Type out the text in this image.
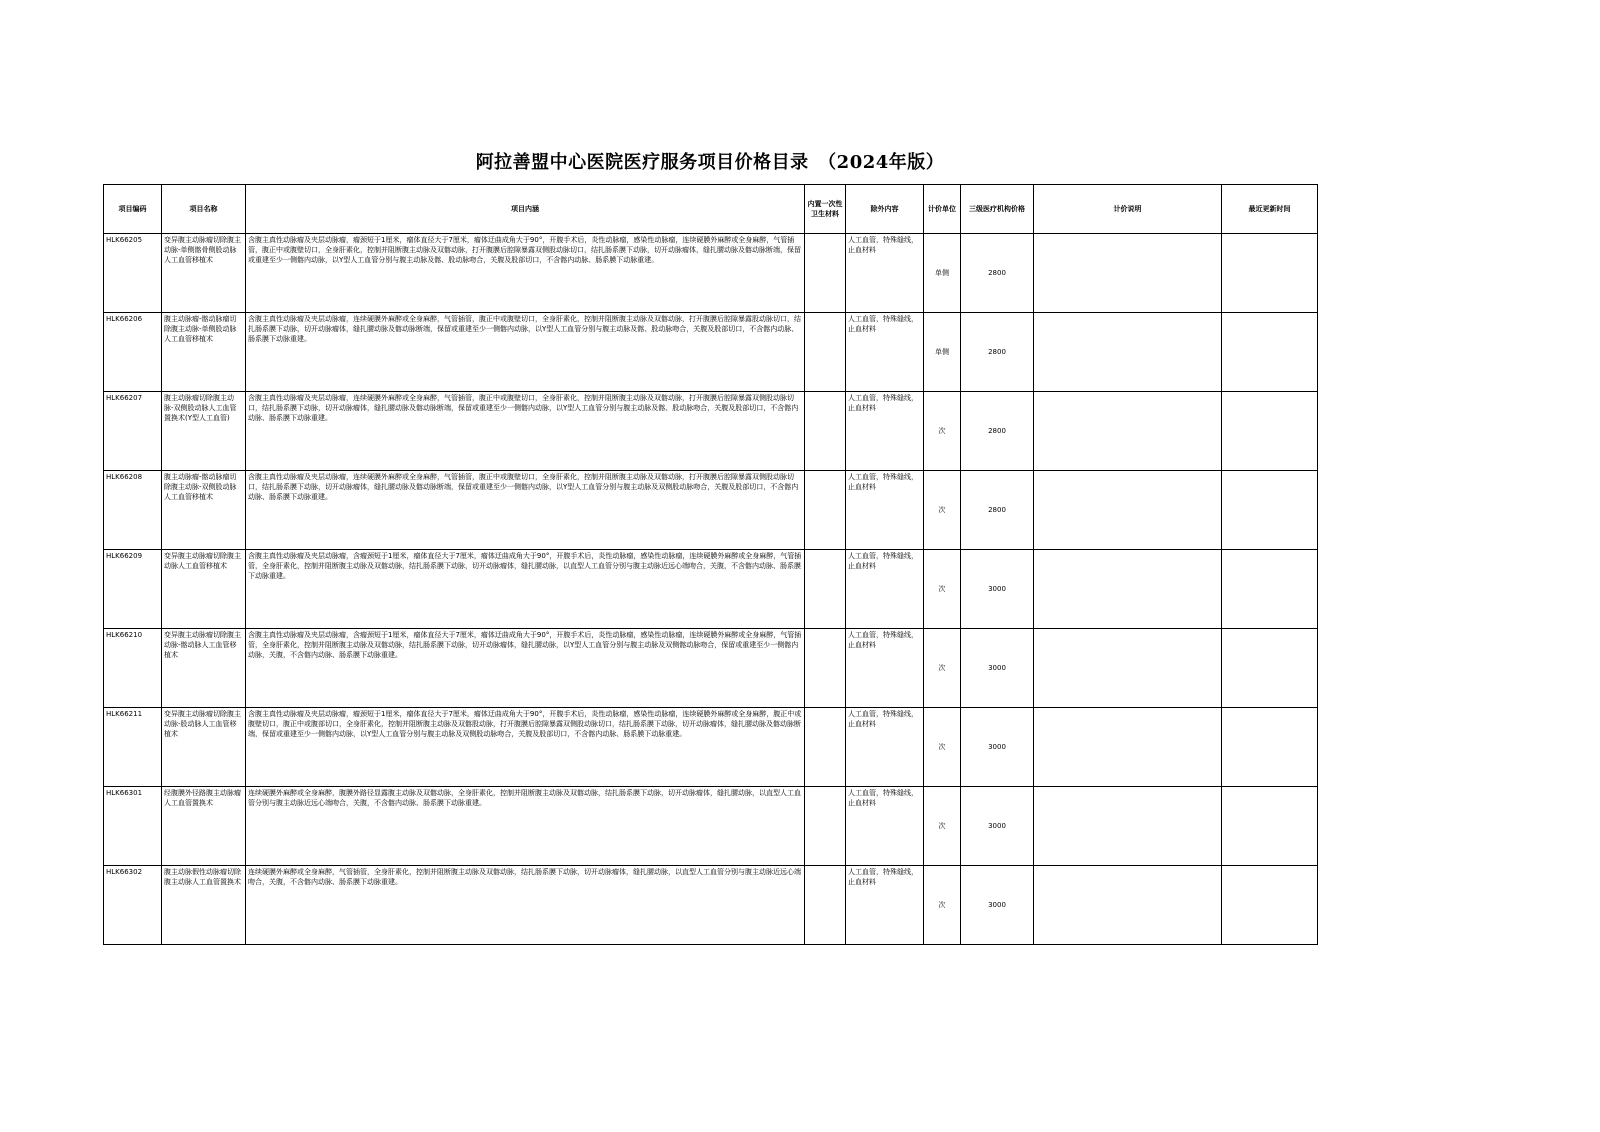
阿拉善盟中心医院医疗服务项目价格目录　（2024年版）
项目编码	项目名称	项目内涵	内置一次性卫生材料	除外内容	计价单位	三级医疗机构价格	计价说明	最近更新时间
HLK66205	变异腹主动脉瘤切除腹主动脉-单侧髂骨侧股动脉人工血管移植术	含腹主真性动脉瘤及夹层动脉瘤，瘤颈短于1厘米，瘤体直径大于7厘米，瘤体迂曲成角大于90°，开腹手术后，炎性动脉瘤，感染性动脉瘤，连续硬膜外麻醉或全身麻醉，气管插管，腹正中或腹壁切口，全身肝素化，控制并阻断腹主动脉及双髂动脉，打开腹膜后腔隙暴露双侧股动脉切口，结扎肠系膜下动脉，切开动脉瘤体，缝扎腰动脉及髂动脉断端，保留或重建至少一侧髂内动脉，以Y型人工血管分别与腹主动脉及髂、股动脉吻合，关腹及股部切口，不含髂内动脉、肠系膜下动脉重建。		人工血管，特殊缝线，止血材料	单侧	2800		
HLK66206	腹主动脉瘤-髂动脉瘤切除腹主动脉-单侧股动脉人工血管移植术	含腹主真性动脉瘤及夹层动脉瘤，连续硬膜外麻醉或全身麻醉，气管插管，腹正中或腹壁切口，全身肝素化，控制并阻断腹主动脉及双髂动脉，打开腹膜后腔隙暴露股动脉切口，结扎肠系膜下动脉，切开动脉瘤体，缝扎腰动脉及髂动脉断端，保留或重建至少一侧髂内动脉，以Y型人工血管分别与腹主动脉及髂、股动脉吻合，关腹及股部切口，不含髂内动脉、肠系膜下动脉重建。		人工血管，特殊缝线，止血材料	单侧	2800		
HLK66207	腹主动脉瘤切除腹主动脉-双侧股动脉人工血管置换术(Y型人工血管)	含腹主真性动脉瘤及夹层动脉瘤，连续硬膜外麻醉或全身麻醉，气管插管，腹正中或腹壁切口，全身肝素化，控制并阻断腹主动脉及双髂动脉，打开腹膜后腔隙暴露双侧股动脉切口，结扎肠系膜下动脉，切开动脉瘤体，缝扎腰动脉及髂动脉断端，保留或重建至少一侧髂内动脉，以Y型人工血管分别与腹主动脉及髂、股动脉吻合，关腹及股部切口，不含髂内动脉、肠系膜下动脉重建。		人工血管，特殊缝线，止血材料	次	2800		
HLK66208	腹主动脉瘤-髂动脉瘤切除腹主动脉-双侧股动脉人工血管移植术	含腹主真性动脉瘤及夹层动脉瘤，连续硬膜外麻醉或全身麻醉，气管插管，腹正中或腹壁切口，全身肝素化，控制并阻断腹主动脉及双髂动脉，打开腹膜后腔隙暴露双侧股动脉切口，结扎肠系膜下动脉，切开动脉瘤体，缝扎腰动脉及髂动脉断端，保留或重建至少一侧髂内动脉，以Y型人工血管分别与腹主动脉及双侧股动脉吻合，关腹及股部切口，不含髂内动脉、肠系膜下动脉重建。		人工血管，特殊缝线，止血材料	次	2800		
HLK66209	变异腹主动脉瘤切除腹主动脉人工血管移植术	含腹主真性动脉瘤及夹层动脉瘤，含瘤颈短于1厘米，瘤体直径大于7厘米，瘤体迂曲成角大于90°，开腹手术后，炎性动脉瘤，感染性动脉瘤，连续硬膜外麻醉或全身麻醉，气管插管，全身肝素化，控制并阻断腹主动脉及双髂动脉，结扎肠系膜下动脉，切开动脉瘤体，缝扎腰动脉，以直型人工血管分别与腹主动脉近远心端吻合，关腹，不含髂内动脉、肠系膜下动脉重建。		人工血管，特殊缝线，止血材料	次	3000		
HLK66210	变异腹主动脉瘤切除腹主动脉-髂动脉人工血管移植术	含腹主真性动脉瘤及夹层动脉瘤，含瘤颈短于1厘米，瘤体直径大于7厘米，瘤体迂曲成角大于90°，开腹手术后，炎性动脉瘤，感染性动脉瘤，连续硬膜外麻醉或全身麻醉，气管插管，全身肝素化，控制并阻断腹主动脉及双髂动脉，结扎肠系膜下动脉，切开动脉瘤体，缝扎腰动脉，以Y型人工血管分别与腹主动脉及双侧髂动脉吻合，保留或重建至少一侧髂内动脉，关腹，不含髂内动脉、肠系膜下动脉重建。		人工血管，特殊缝线，止血材料	次	3000		
HLK66211	变异腹主动脉瘤切除腹主动脉-股动脉人工血管移植术	含腹主真性动脉瘤及夹层动脉瘤，瘤颈短于1厘米，瘤体直径大于7厘米，瘤体迂曲成角大于90°，开腹手术后，炎性动脉瘤，感染性动脉瘤，连续硬膜外麻醉或全身麻醉，腹正中或腹壁切口，腹正中或腹部切口，全身肝素化，控制并阻断腹主动脉及双髂股动脉，打开腹膜后腔隙暴露双侧股动脉切口，结扎肠系膜下动脉，切开动脉瘤体，缝扎腰动脉及髂动脉断端，保留或重建至少一侧髂内动脉，以Y型人工血管分别与腹主动脉及双侧股动脉吻合，关腹及股部切口，不含髂内动脉、肠系膜下动脉重建。		人工血管，特殊缝线，止血材料	次	3000		
HLK66301	经腹膜外径路腹主动脉瘤人工血管置换术	连续硬膜外麻醉或全身麻醉，腹膜外路径显露腹主动脉及双髂动脉，全身肝素化，控制并阻断腹主动脉及双髂动脉，结扎肠系膜下动脉，切开动脉瘤体，缝扎腰动脉，以直型人工血管分别与腹主动脉近远心端吻合，关腹，不含髂内动脉、肠系膜下动脉重建。		人工血管，特殊缝线，止血材料	次	3000		
HLK66302	腹主动脉假性动脉瘤切除腹主动脉人工血管置换术	连续硬膜外麻醉或全身麻醉，气管插管，全身肝素化，控制并阻断腹主动脉及双髂动脉，结扎肠系膜下动脉，切开动脉瘤体，缝扎腰动脉，以直型人工血管分别与腹主动脉近远心端吻合，关腹，不含髂内动脉、肠系膜下动脉重建。		人工血管，特殊缝线，止血材料	次	3000		
